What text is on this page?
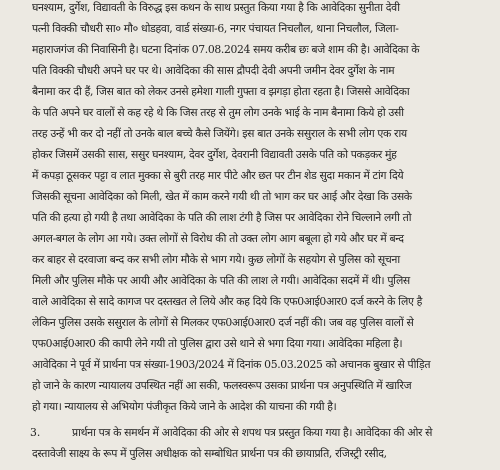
घनश्याम, दुर्गेश, विद्यावती के विरुद्ध इस कथन के साथ प्रस्तुत किया गया है कि आवेदिका सुनीता देवी
पत्नी विक्की चौधरी सा० मौ० धोडहवा, वार्ड संख्या-6, नगर पंचायत निचलौल, थाना निचलौल, जिला-
महाराजगंज की निवासिनी है। घटना दिनांक 07.08.2024 समय करीब छः बजे शाम की है। आवेदिका के
पति विक्की चौधरी अपने घर पर थे। आवेदिका की सास द्रौपदी देवी अपनी जमीन देवर दुर्गेश के नाम
बैनामा कर दी हैं, जिस बात को लेकर उनसे हमेशा गाली गुफ्ता व झगड़ा होता रहता है। जिससे आवेदिका
के पति अपने घर वालों से कह रहे थे कि जिस तरह से तुम लोग उनके भाई के नाम बैनामा किये हो उसी
तरह उन्हें भी कर दो नहीं तो उनके बाल बच्चे कैसे जियेंगे। इस बात उनके ससुराल के सभी लोग एक राय
होकर जिसमें उसकी सास, ससुर घनश्याम, देवर दुर्गेश, देवरानी विद्यावती उसके पति को पकड़कर मुंह
में कपड़ा ठूसकर पट्टा व लात मुक्का से बुरी तरह मार पीटे और छत पर टीन शेड सुदा मकान में टांग दिये
जिसकी सूचना आवेदिका को मिली, खेत में काम करने गयी थी तो भाग कर घर आई और देखा कि उसके
पति की हत्या हो गयी है तथा आवेदिका के पति की लाश टंगी है जिस पर आवेदिका रोने चिल्लाने लगी तो
अगल-बगल के लोग आ गये। उक्त लोगों से विरोध की तो उक्त लोग आग बबूला हो गये और घर में बन्द
कर बाहर से दरवाजा बन्द कर सभी लोग मौके से भाग गये। कुछ लोगों के सहयोग से पुलिस को सूचना
मिली और पुलिस मौके पर आयी और आवेदिका के पति की लाश ले गयी। आवेदिका सदमें में थी। पुलिस
वाले आवेदिका से सादे कागज पर दस्तखत ले लिये और कह दिये कि एफ0आई0आर0 दर्ज करने के लिए है
लेकिन पुलिस उसके ससुराल के लोगों से मिलकर एफ0आई0आर0 दर्ज नहीं की। जब वह पुलिस वालों से
एफ0आई0आर0 की कापी लेने गयी तो पुलिस द्वारा उसे थाने से भगा दिया गया। आवेदिका महिला है।
आवेदिका ने पूर्व में प्रार्थना पत्र संख्या-1903/2024 में दिनांक 05.03.2025 को अचानक बुखार से पीड़ित
हो जाने के कारण न्यायालय उपस्थित नहीं आ सकी, फलस्वरूप उसका प्रार्थना पत्र अनुपस्थिति में खारिज
हो गया। न्यायालय से अभियोग पंजीकृत किये जाने के आदेश की याचना की गयी है।
3.	प्रार्थना पत्र के समर्थन में आवेदिका की ओर से शपथ पत्र प्रस्तुत किया गया है। आवेदिका की ओर से
दस्तावेजी साक्ष्य के रूप में पुलिस अधीक्षक को सम्बोधित प्रार्थना पत्र की छायाप्रति, रजिस्ट्री रसीद,
